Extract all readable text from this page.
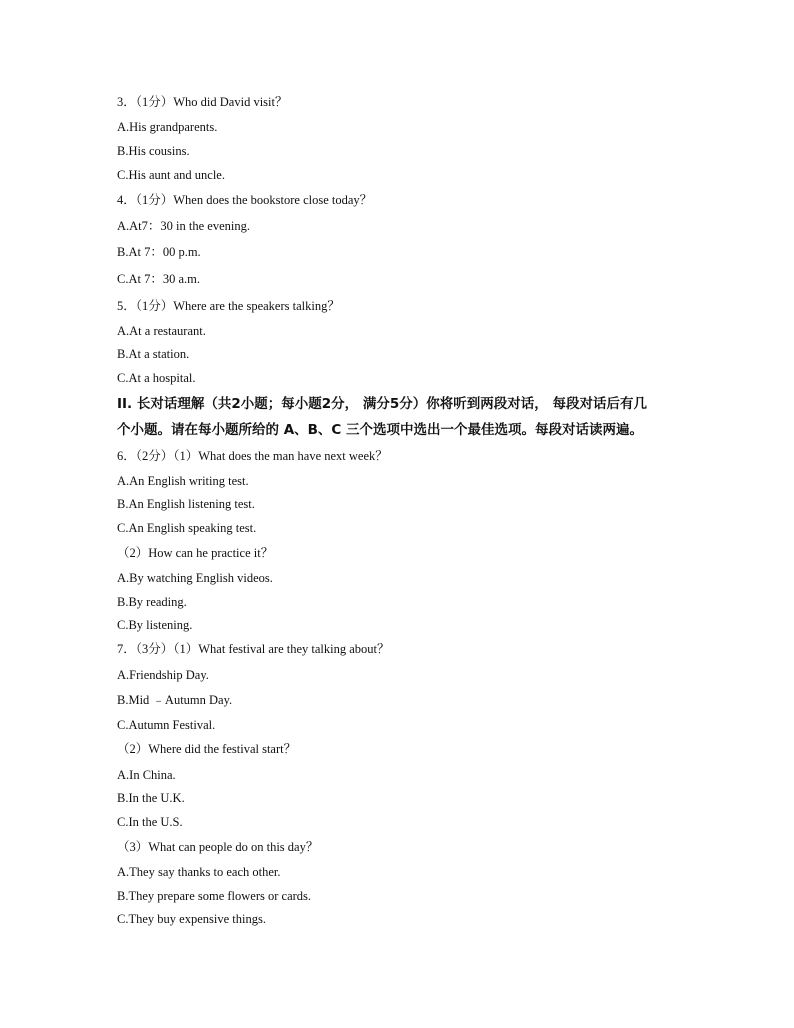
3．（1分）Who did David visit？
A.His grandparents.
B.His cousins.
C.His aunt and uncle.
4．（1分）When does the bookstore close today？
A.At7：30 in the evening.
B.At 7：00 p.m.
C.At 7：30 a.m.
5．（1分）Where are the speakers talking？
A.At a restaurant.
B.At a station.
C.At a hospital.
II. 长对话理解（共2小题；每小题2分， 满分5分）你将听到两段对话， 每段对话后有几
个小题。请在每小题所给的 A、B、C 三个选项中选出一个最佳选项。每段对话读两遍。
6．（2分）（1）What does the man have next week？
A.An English writing test.
B.An English listening test.
C.An English speaking test.
（2）How can he practice it？
A.By watching English videos.
B.By reading.
C.By listening.
7．（3分）（1）What festival are they talking about？
A.Friendship Day.
B.Mid ﹣Autumn Day.
C.Autumn Festival.
（2）Where did the festival start？
A.In China.
B.In the U.K.
C.In the U.S.
（3）What can people do on this day？
A.They say thanks to each other.
B.They prepare some flowers or cards.
C.They buy expensive things.
